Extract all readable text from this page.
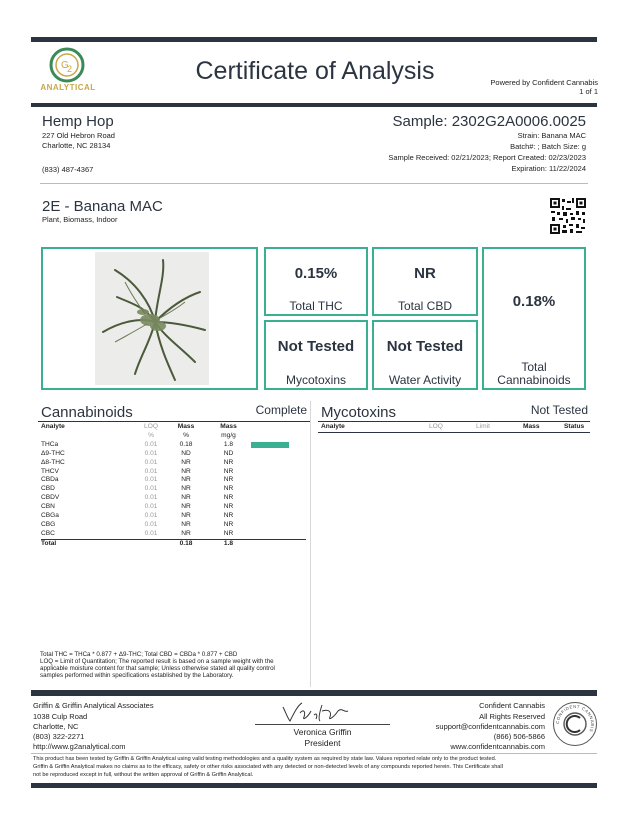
G
2
ANALYTICAL
Certificate of Analysis	Powered by Confident Cannabis
1 of 1
Hemp Hop
227 Old Hebron Road
Charlotte, NC 28134
(833) 487-4367
Sample: 2302G2A0006.0025
Strain: Banana MAC
Batch#: ; Batch Size: g
Sample Received: 02/21/2023; Report Created: 02/23/2023
Expiration: 11/22/2024
2E - Banana MAC
Plant, Biomass, Indoor
0.15%
Total THC
NR
Total CBD	0.18%
Total
Cannabinoids
Not Tested
Mycotoxins
Not Tested
Water Activity
Cannabinoids	Complete
Analyte	LOQ	Mass	Mass	
	%	%	mg/g	
THCa	0.01	0.18	1.8	

Δ9-THC	0.01	ND	ND	
Δ8-THC	0.01	NR	NR	
THCV	0.01	NR	NR	
CBDa	0.01	NR	NR	
CBD	0.01	NR	NR	
CBDV	0.01	NR	NR	
CBN	0.01	NR	NR	
CBGa	0.01	NR	NR	
CBG	0.01	NR	NR	
CBC	0.01	NR	NR	
Total		0.18	1.8	
Total THC = THCa * 0.877 + Δ9-THC; Total CBD = CBDa * 0.877 + CBD
LOQ = Limit of Quantitation; The reported result is based on a sample weight with the
applicable moisture content for that sample; Unless otherwise stated all quality control
samples performed within specifications established by the Laboratory.
Mycotoxins	Not Tested
Analyte	LOQ	Limit	Mass	Status
Griffin & Griffin Analytical Associates
1038 Culp Road
Charlotte, NC
(803) 322-2271
http://www.g2analytical.com
Veronica Griffin
President
Confident Cannabis
All Rights Reserved
support@confidentcannabis.com
(866) 506-5866
www.confidentcannabis.com
CONFIDENT CANNABIS
This product has been tested by Griffin & Griffin Analytical using valid testing methodologies and a quality system as required by state law. Values reported relate only to the product tested.
Griffin & Griffin Analytical makes no claims as to the efficacy, safety or other risks associated with any detected or non-detected levels of any compounds reported herein. This Certificate shall
not be reproduced except in full, without the written approval of Griffin & Griffin Analytical.
